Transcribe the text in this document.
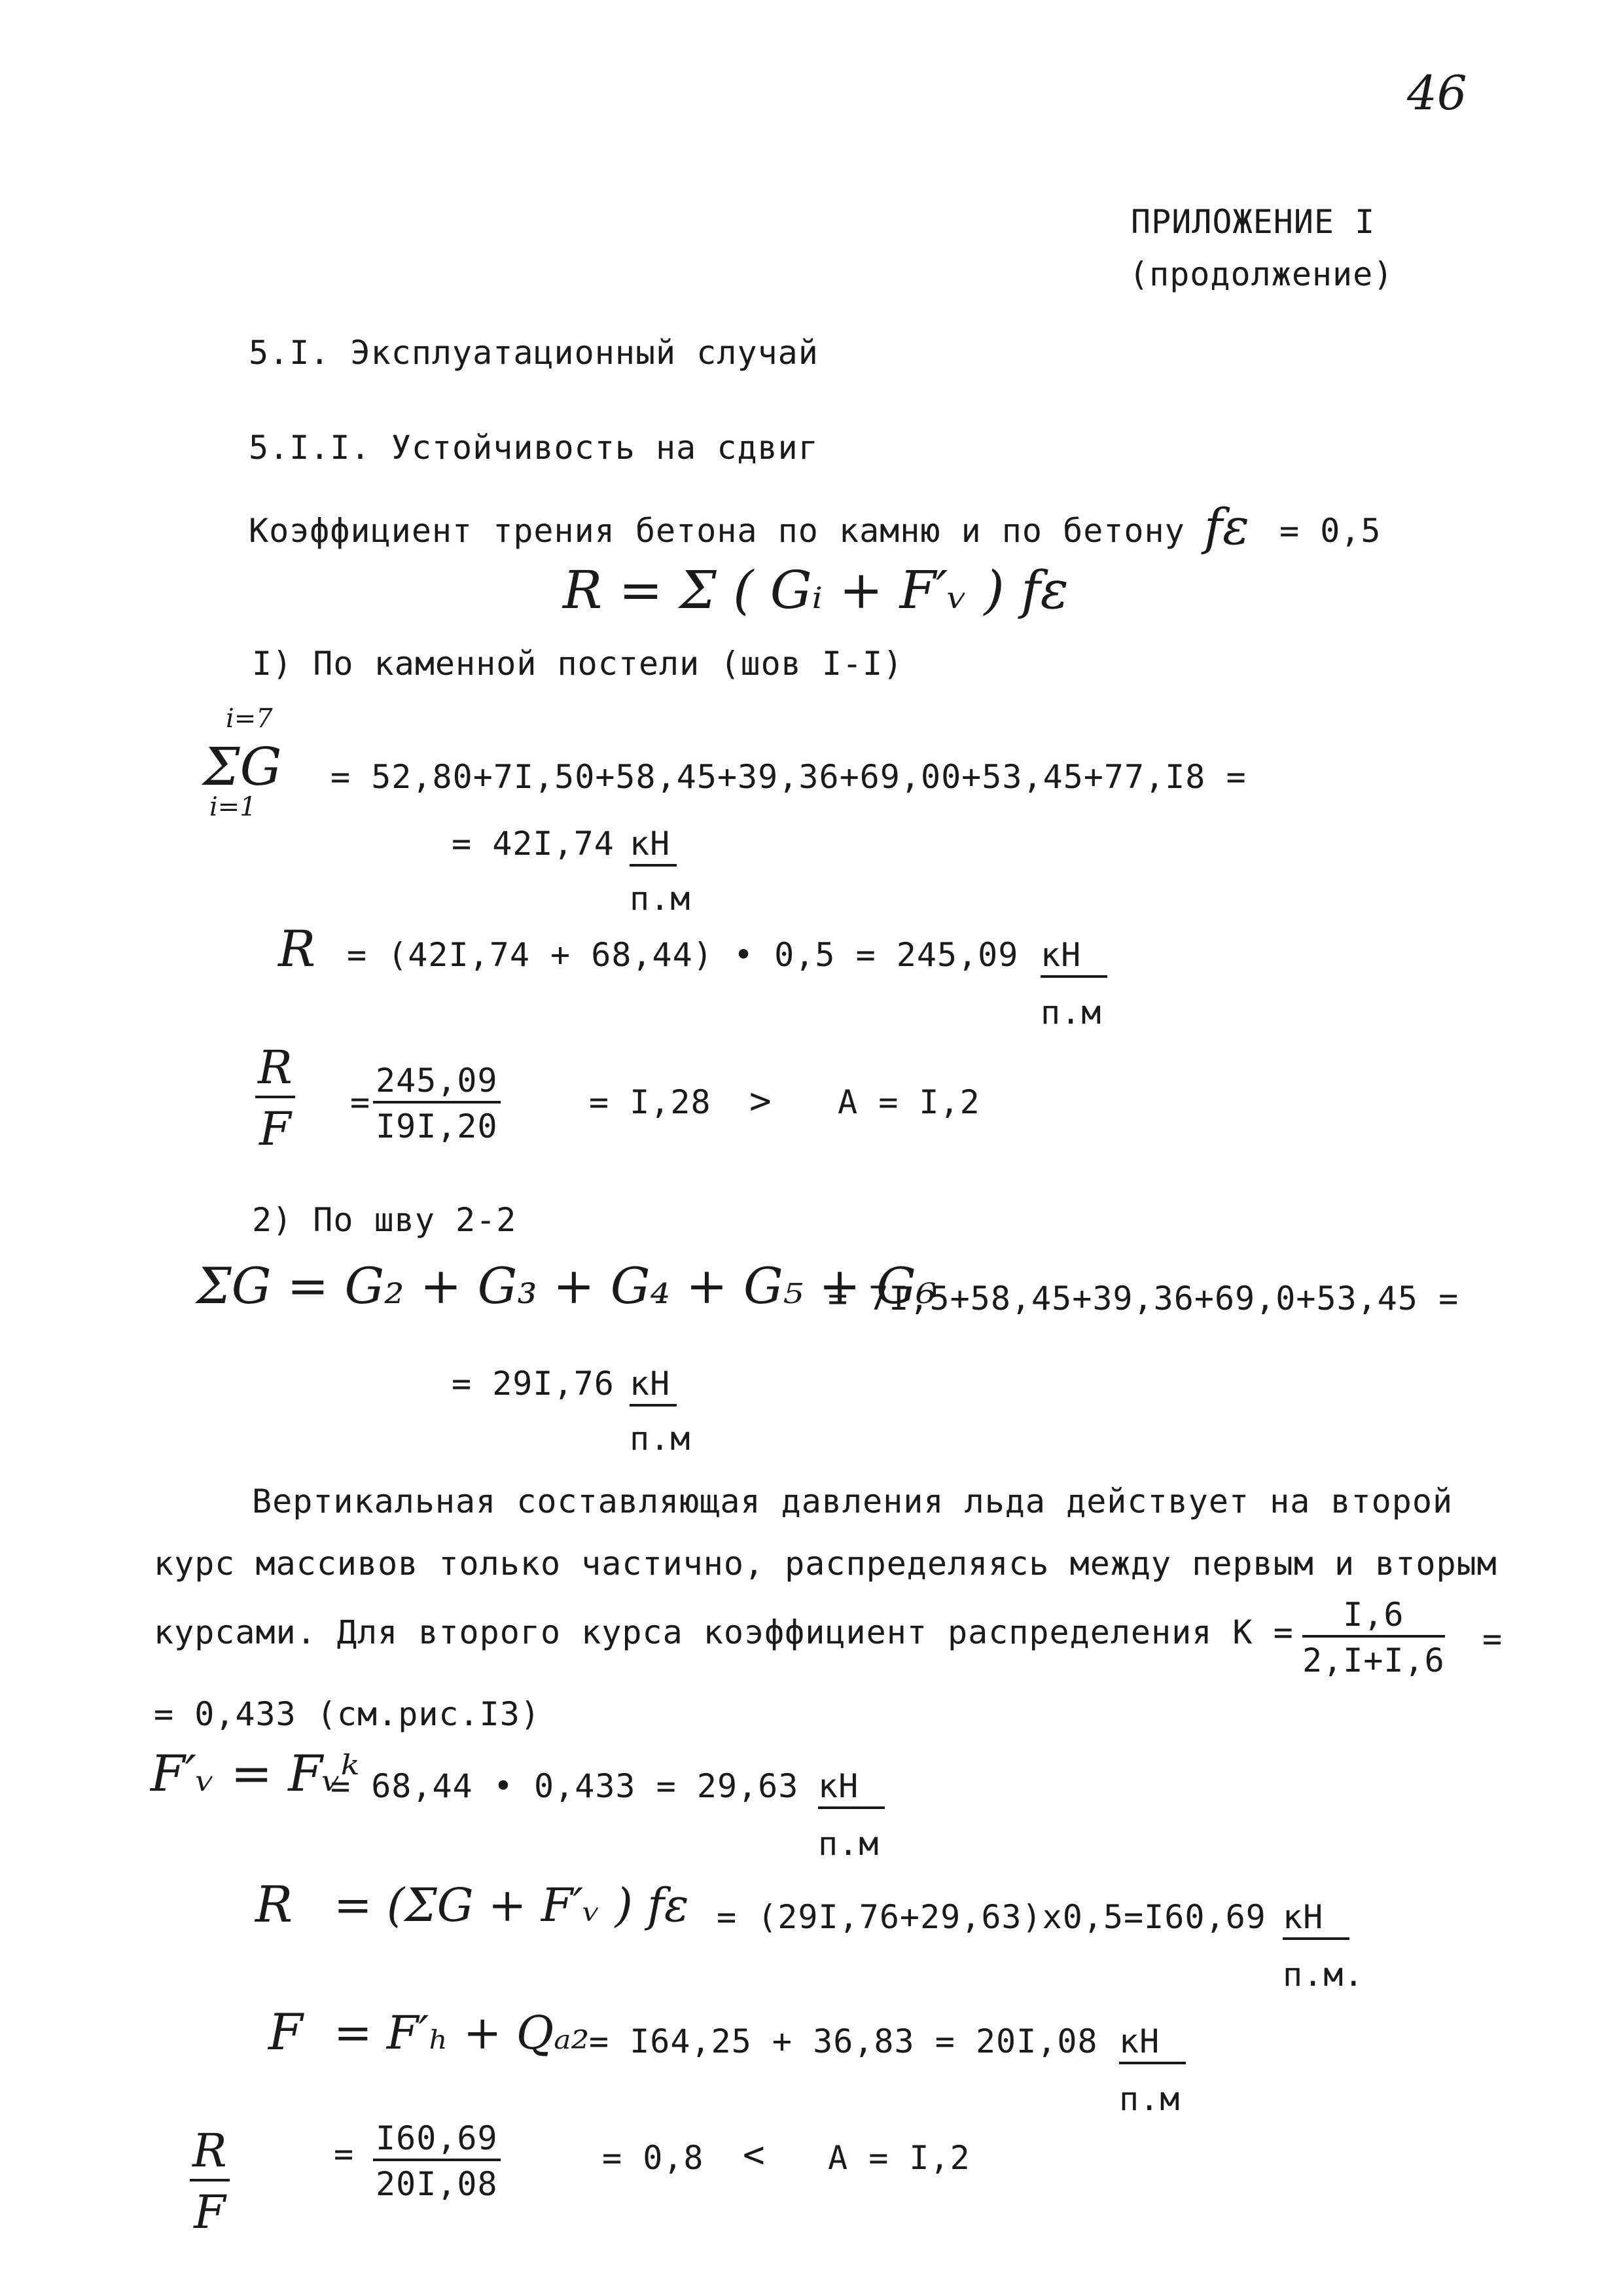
46
ПРИЛОЖЕНИЕ I
(продолжение)
5.I. Эксплуатационный случай
5.I.I. Устойчивость на сдвиг
Коэффициент трения бетона по камню и по бетону fε = 0,5
R = Σ ( Gᵢ + F′ᵥ ) fε
I) По каменной постели (шов I-I)
i=7
ΣG
i=1
= 52,80+7I,50+58,45+39,36+69,00+53,45+77,I8 =
= 42I,74 кН
п.м
R = (42I,74 + 68,44) • 0,5 = 245,09 кН
п.м
$\frac{R}{F} = \frac{245,09}{I9I,20}$	= I,28 > A = I,2
2) По шву 2-2
ΣG = G₂ + G₃ + G₄ + G₅ + G₆
= 7I,5+58,45+39,36+69,0+53,45 =
= 29I,76 кН
п.м
Вертикальная составляющая давления льда действует на второй
курс массивов только частично, распределяясь между первым и вторым
курсами. Для второго курса коэффициент распределения $К = \frac{I,6}{2,I+I,6}$ =
= 0,433 (см.рис.I3)
F′ᵥ = Fᵥᵏ
= 68,44 • 0,433 = 29,63 кН
п.м
R = (ΣG + F′ᵥ ) fε = (29I,76+29,63)x0,5=I60,69 кН
п.м.
F = F′ₕ + Qₐ₂ = I64,25 + 36,83 = 20I,08 кН
п.м
$\frac{R}{F}$	= $\frac{I60,69}{20I,08}$	= 0,8 < A = I,2
